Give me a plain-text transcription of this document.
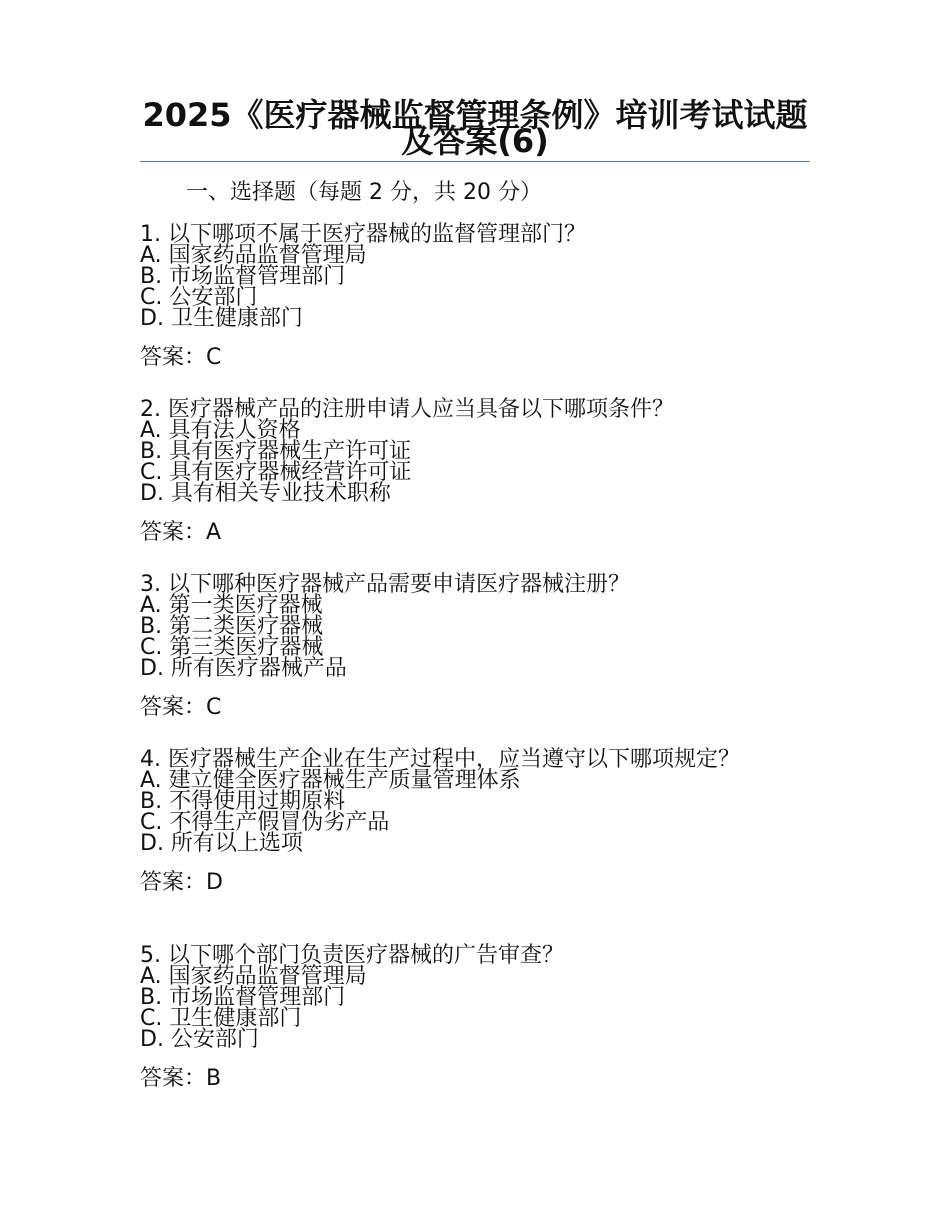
2025《医疗器械监督管理条例》培训考试试题及答案(6)
一、选择题（每题 2 分，共 20 分）
1. 以下哪项不属于医疗器械的监督管理部门？
A. 国家药品监督管理局
B. 市场监督管理部门
C. 公安部门
D. 卫生健康部门
答案：C
2. 医疗器械产品的注册申请人应当具备以下哪项条件？
A. 具有法人资格
B. 具有医疗器械生产许可证
C. 具有医疗器械经营许可证
D. 具有相关专业技术职称
答案：A
3. 以下哪种医疗器械产品需要申请医疗器械注册？
A. 第一类医疗器械
B. 第二类医疗器械
C. 第三类医疗器械
D. 所有医疗器械产品
答案：C
4. 医疗器械生产企业在生产过程中，应当遵守以下哪项规定？
A. 建立健全医疗器械生产质量管理体系
B. 不得使用过期原料
C. 不得生产假冒伪劣产品
D. 所有以上选项
答案：D
5. 以下哪个部门负责医疗器械的广告审查？
A. 国家药品监督管理局
B. 市场监督管理部门
C. 卫生健康部门
D. 公安部门
答案：B
